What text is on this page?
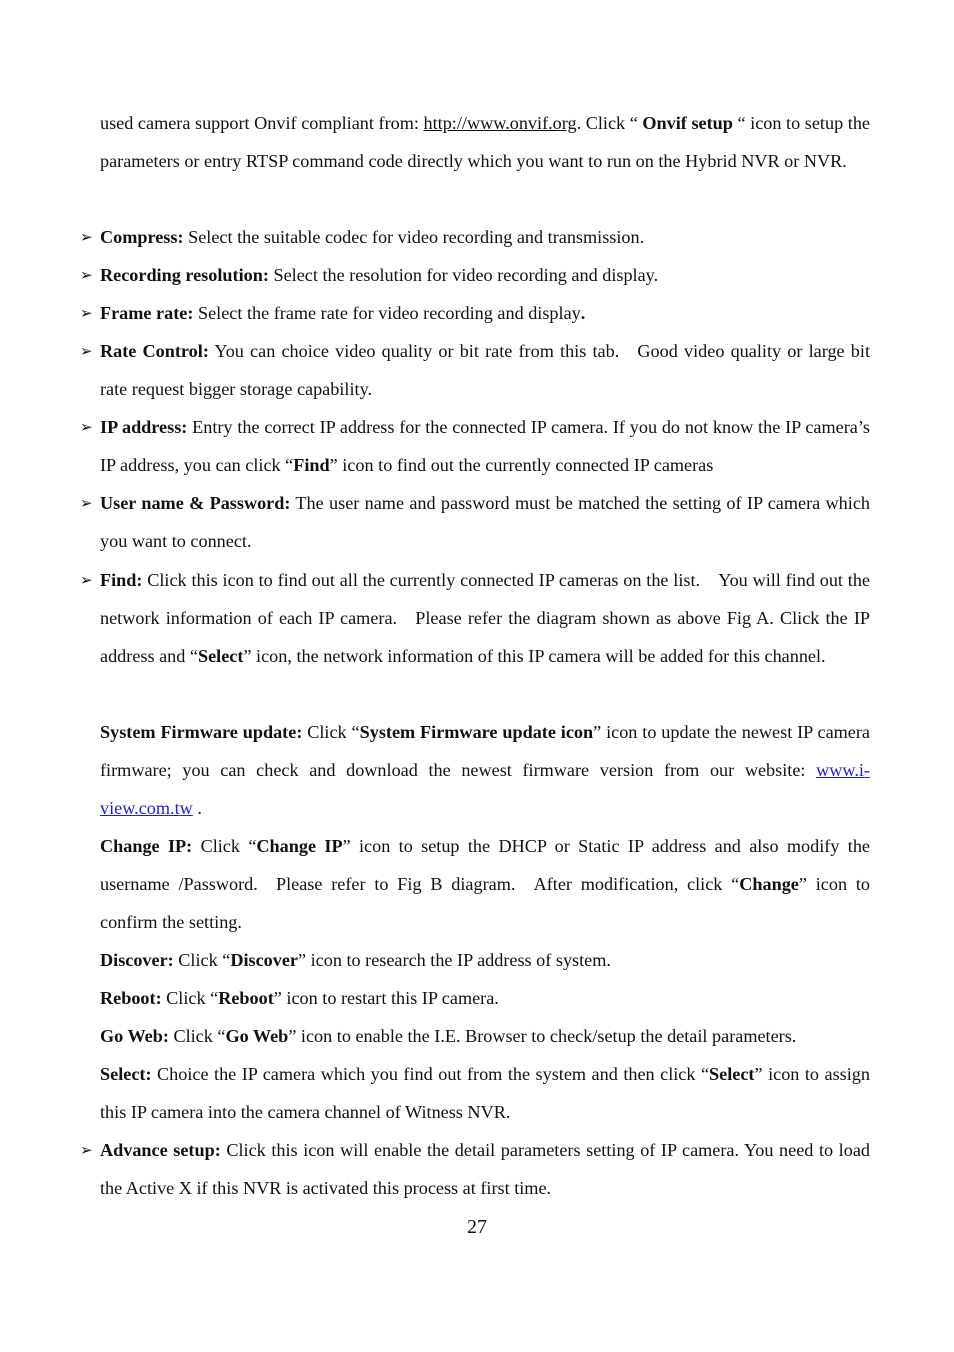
used camera support Onvif compliant from: http://www.onvif.org. Click “ Onvif setup “ icon to setup the parameters or entry RTSP command code directly which you want to run on the Hybrid NVR or NVR.

➢ Compress: Select the suitable codec for video recording and transmission.

➢ Recording resolution: Select the resolution for video recording and display.

➢ Frame rate: Select the frame rate for video recording and display.

➢ Rate Control: You can choice video quality or bit rate from this tab. Good video quality or large bit rate request bigger storage capability.

➢ IP address: Entry the correct IP address for the connected IP camera. If you do not know the IP camera’s IP address, you can click “Find” icon to find out the currently connected IP cameras

➢ User name & Password: The user name and password must be matched the setting of IP camera which you want to connect.

➢ Find: Click this icon to find out all the currently connected IP cameras on the list. You will find out the network information of each IP camera. Please refer the diagram shown as above Fig A. Click the IP address and “Select” icon, the network information of this IP camera will be added for this channel.

System Firmware update: Click “System Firmware update icon” icon to update the newest IP camera firmware; you can check and download the newest firmware version from our website: www.i-view.com.tw .

Change IP: Click “Change IP” icon to setup the DHCP or Static IP address and also modify the username /Password. Please refer to Fig B diagram. After modification, click “Change” icon to confirm the setting.

Discover: Click “Discover” icon to research the IP address of system.

Reboot: Click “Reboot” icon to restart this IP camera.

Go Web: Click “Go Web” icon to enable the I.E. Browser to check/setup the detail parameters.

Select: Choice the IP camera which you find out from the system and then click “Select” icon to assign this IP camera into the camera channel of Witness NVR.

➢ Advance setup: Click this icon will enable the detail parameters setting of IP camera. You need to load the Active X if this NVR is activated this process at first time.

27
